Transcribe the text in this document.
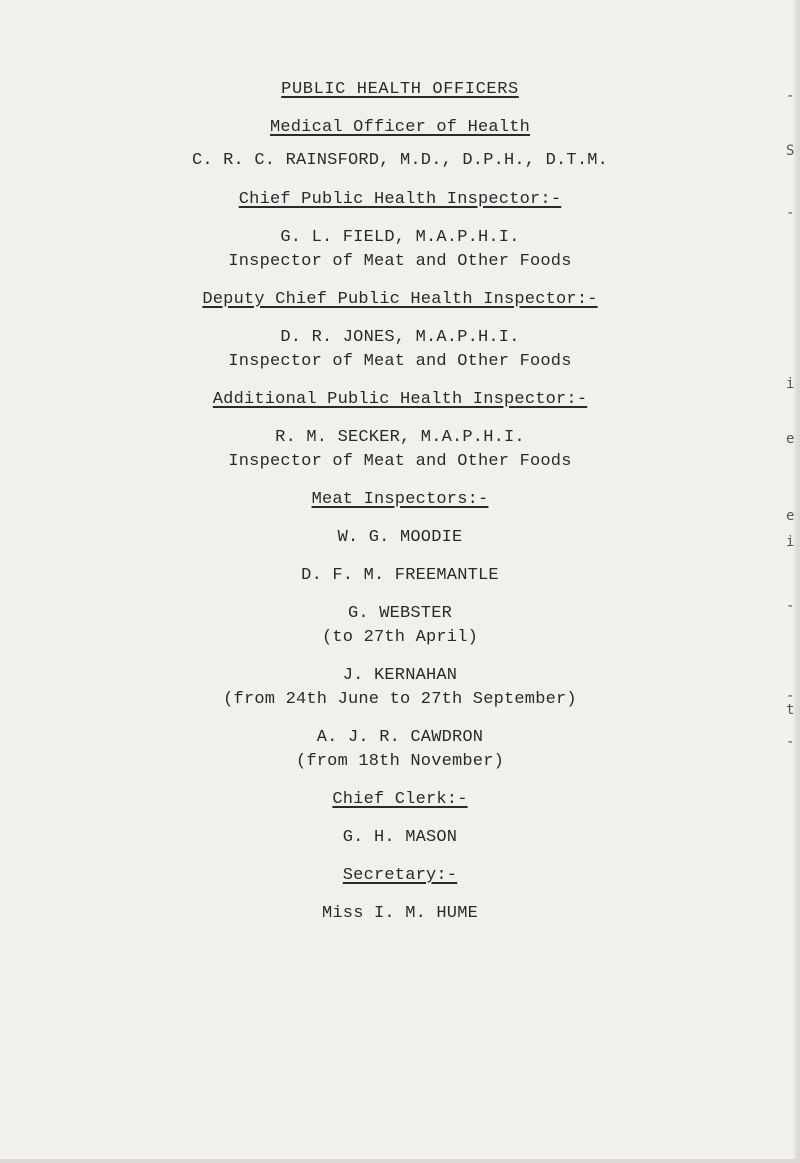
PUBLIC HEALTH OFFICERS
Medical Officer of Health
C. R. C. RAINSFORD, M.D., D.P.H., D.T.M.
Chief Public Health Inspector:-
G. L. FIELD, M.A.P.H.I.
Inspector of Meat and Other Foods
Deputy Chief Public Health Inspector:-
D. R. JONES, M.A.P.H.I.
Inspector of Meat and Other Foods
Additional Public Health Inspector:-
R. M. SECKER, M.A.P.H.I.
Inspector of Meat and Other Foods
Meat Inspectors:-
W. G. MOODIE
D. F. M. FREEMANTLE
G. WEBSTER
(to 27th April)
J. KERNAHAN
(from 24th June to 27th September)
A. J. R. CAWDRON
(from 18th November)
Chief Clerk:-
G. H. MASON
Secretary:-
Miss I. M. HUME
-
S
-
i
e
e
i
-
-
t
-
